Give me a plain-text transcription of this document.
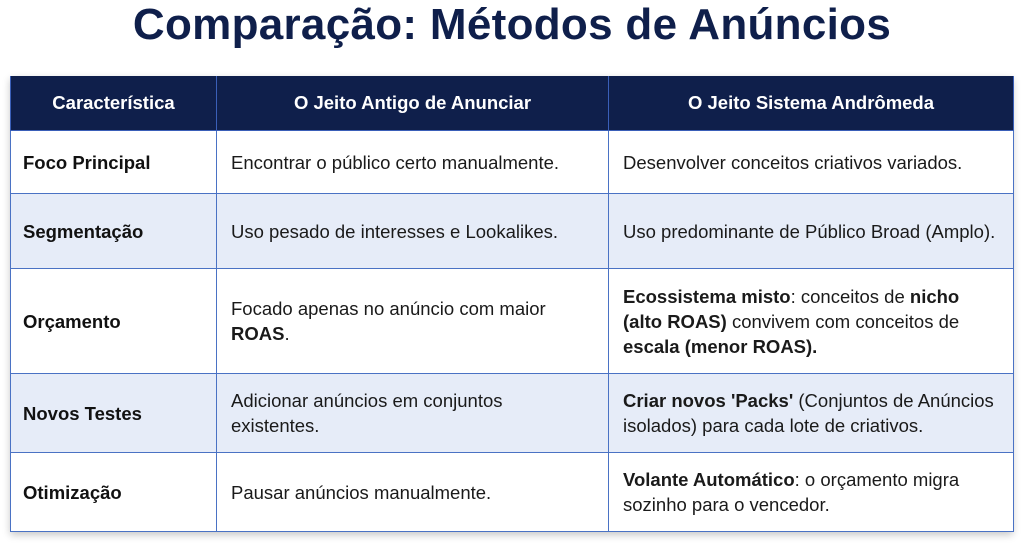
Comparação: Métodos de Anúncios
Característica	O Jeito Antigo de Anunciar	O Jeito Sistema Andrômeda
Foco Principal	Encontrar o público certo manualmente.	Desenvolver conceitos criativos variados.
Segmentação	Uso pesado de interesses e Lookalikes.	Uso predominante de Público Broad (Amplo).
Orçamento	Focado apenas no anúncio com maior ROAS.	Ecossistema misto: conceitos de nicho (alto ROAS) convivem com conceitos de escala (menor ROAS).
Novos Testes	Adicionar anúncios em conjuntos existentes.	Criar novos 'Packs' (Conjuntos de Anúncios isolados) para cada lote de criativos.
Otimização	Pausar anúncios manualmente.	Volante Automático: o orçamento migra sozinho para o vencedor.
